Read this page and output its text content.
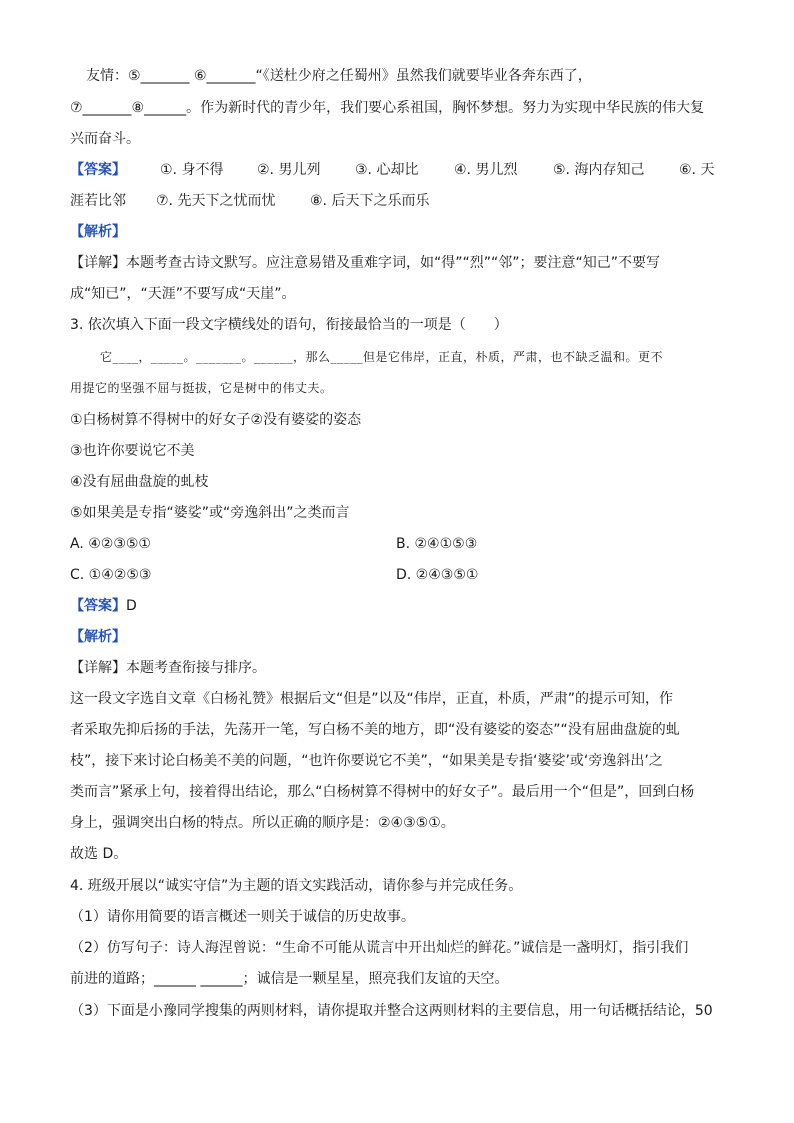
友情：⑤_______ ⑥_______“《送杜少府之任蜀州》虽然我们就要毕业各奔东西了，
⑦_______⑧______。作为新时代的青少年，我们要心系祖国，胸怀梦想。努力为实现中华民族的伟大复
兴而奋斗。
【答案】 ①. 身不得 ②. 男儿列 ③. 心却比	④. 男儿烈	⑤. 海内存知己 ⑥. 天
涯若比邻 ⑦. 先天下之忧而忧 ⑧. 后天下之乐而乐
【解析】
【详解】本题考查古诗文默写。应注意易错及重难字词，如“得”“烈”“邻”；要注意“知己”不要写
成“知已”，“天涯”不要写成“天崖”。
3. 依次填入下面一段文字横线处的语句，衔接最恰当的一项是（　　）
它____，_____。_______。______，那么_____但是它伟岸，正直，朴质，严肃，也不缺乏温和。更不
用提它的坚强不屈与挺拔，它是树中的伟丈夫。
①白杨树算不得树中的好女子②没有婆娑的姿态
③也许你要说它不美
④没有屈曲盘旋的虬枝
⑤如果美是专指“婆娑”或“旁逸斜出”之类而言
A. ④②③⑤①	B. ②④①⑤③
C. ①④②⑤③	D. ②④③⑤①
【答案】D
【解析】
【详解】本题考查衔接与排序。
这一段文字选自文章《白杨礼赞》根据后文“但是”以及“伟岸，正直，朴质，严肃”的提示可知，作
者采取先抑后扬的手法，先荡开一笔，写白杨不美的地方，即“没有婆娑的姿态”“没有屈曲盘旋的虬
枝”，接下来讨论白杨美不美的问题，“也许你要说它不美”，“如果美是专指‘婆娑’或‘旁逸斜出’之
类而言”紧承上句，接着得出结论，那么“白杨树算不得树中的好女子”。最后用一个“但是”，回到白杨
身上，强调突出白杨的特点。所以正确的顺序是：②④③⑤①。
故选 D。
4. 班级开展以“诚实守信”为主题的语文实践活动，请你参与并完成任务。
（1）请你用简要的语言概述一则关于诚信的历史故事。
（2）仿写句子：诗人海涅曾说：“生命不可能从谎言中开出灿烂的鲜花。”诚信是一盏明灯，指引我们
前进的道路；______ ______；诚信是一颗星星，照亮我们友谊的天空。
（3）下面是小豫同学搜集的两则材料，请你提取并整合这两则材料的主要信息，用一句话概括结论，50
